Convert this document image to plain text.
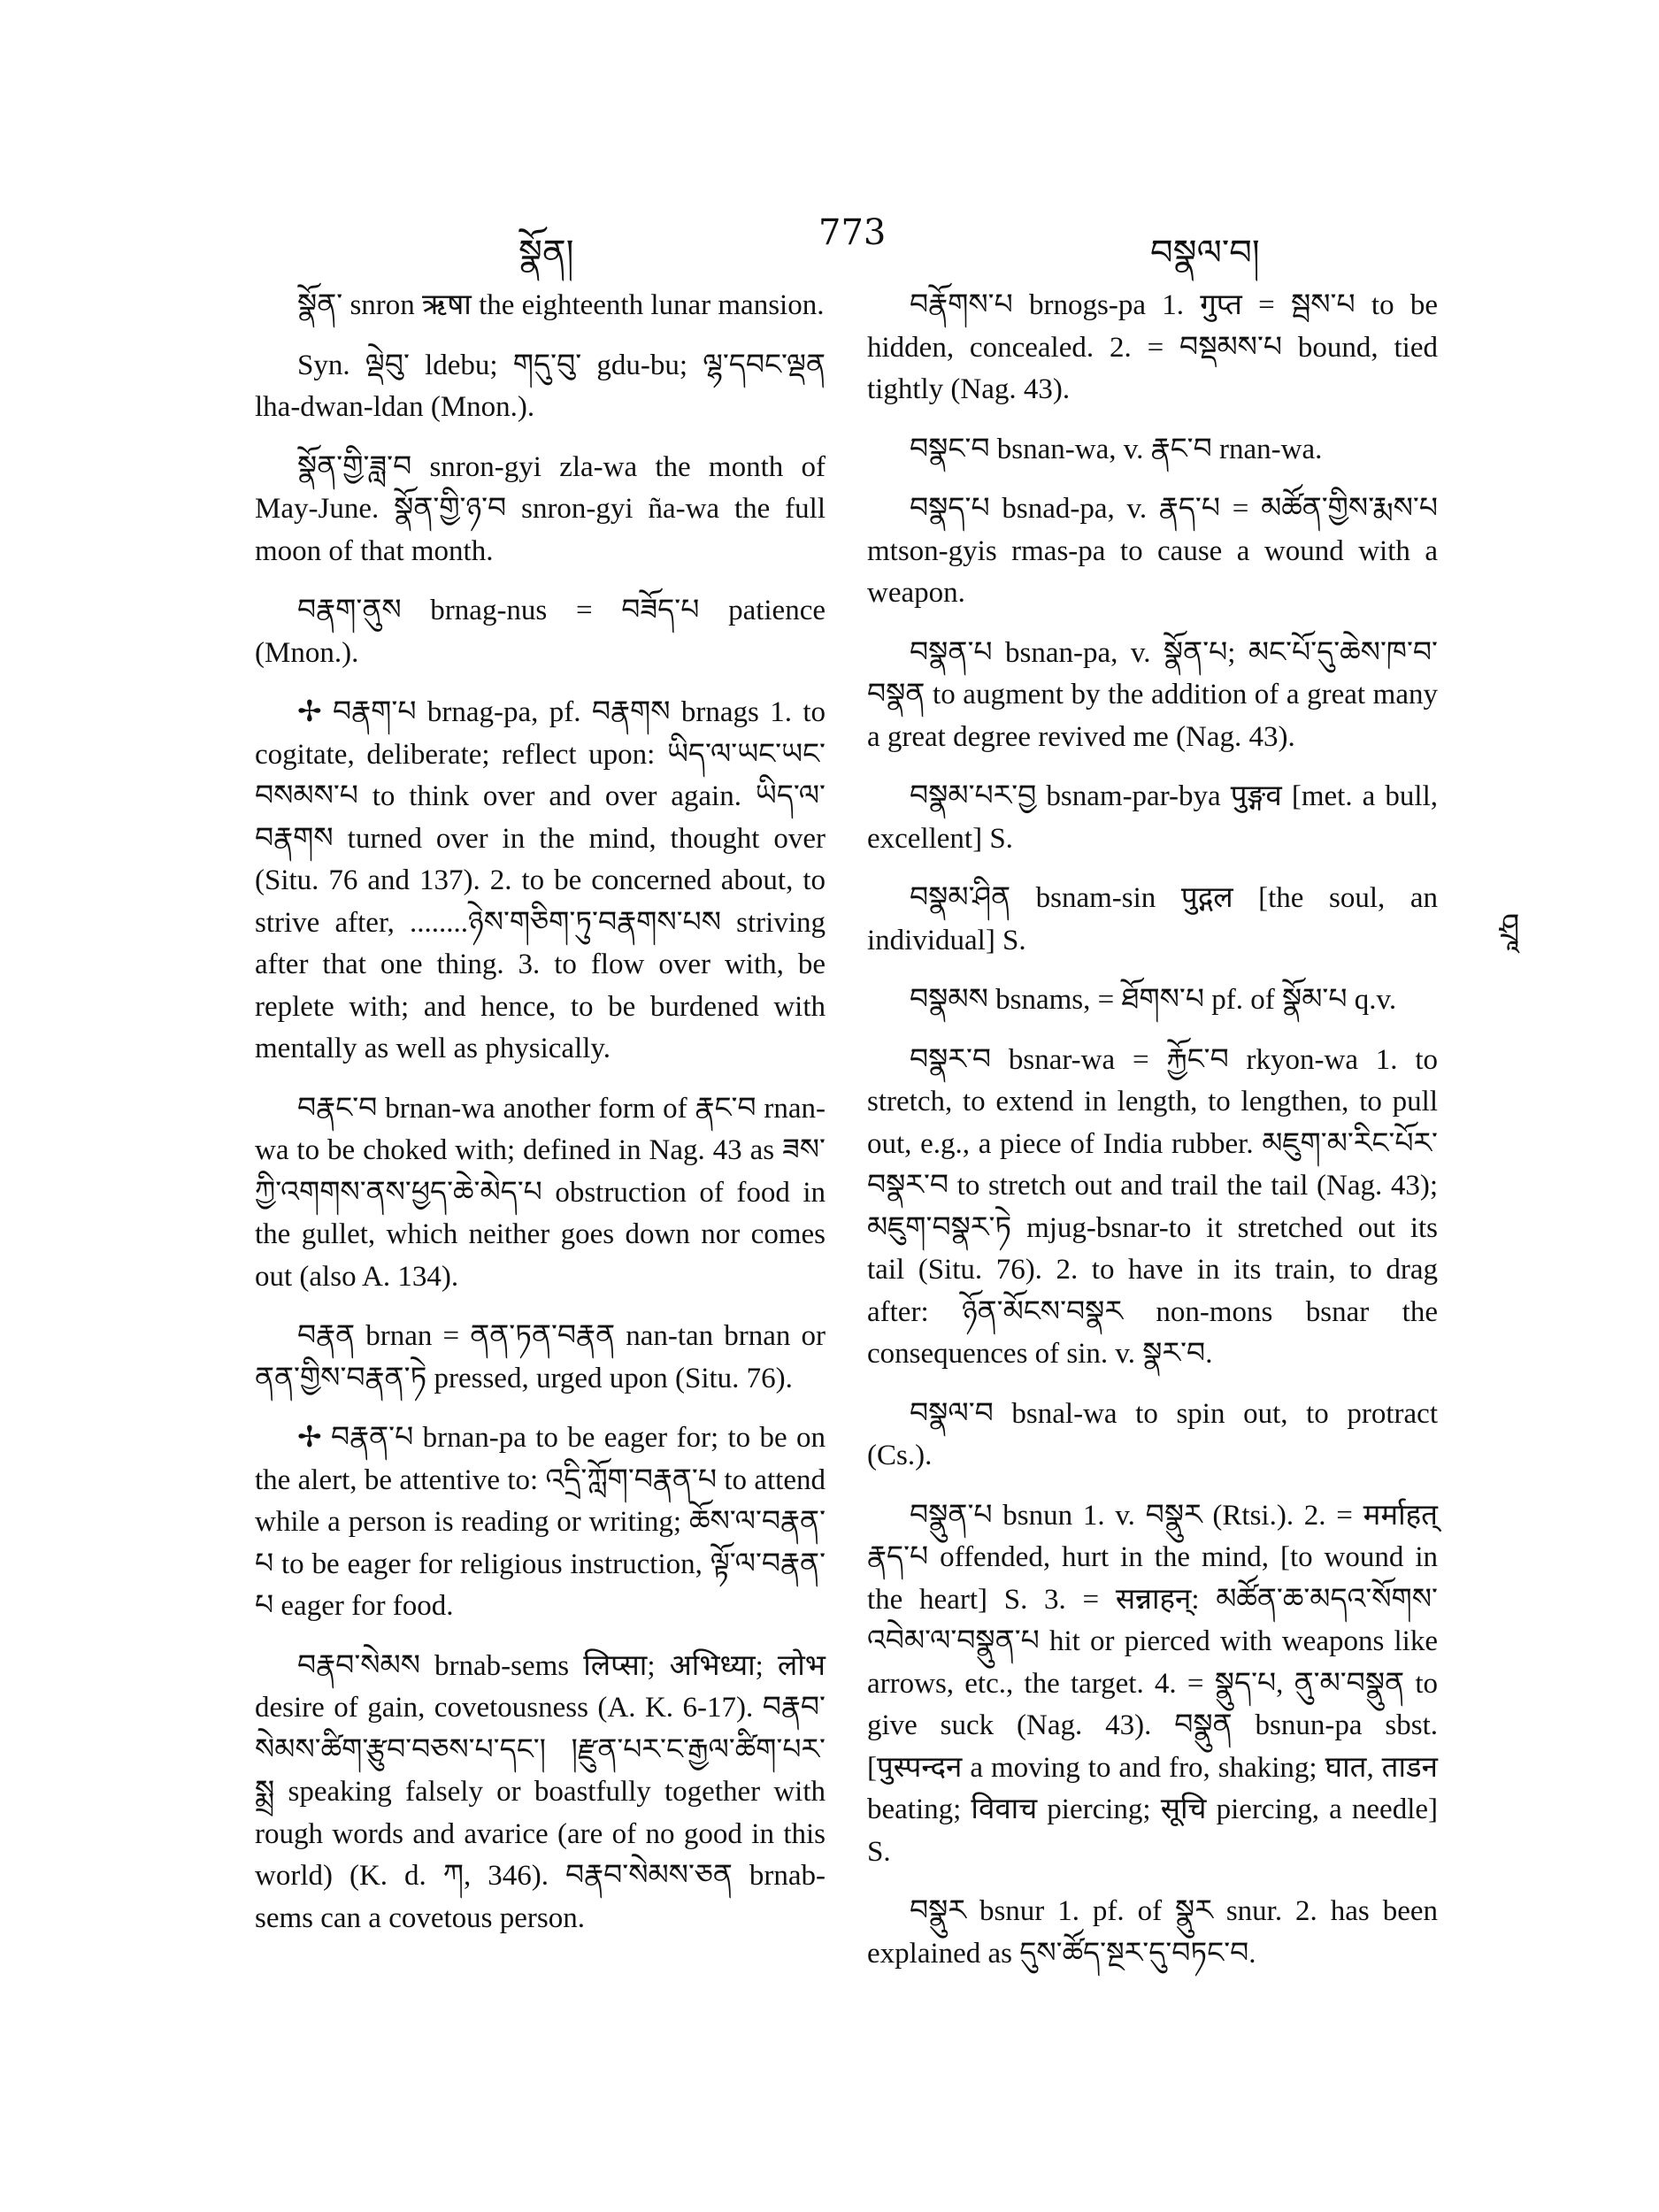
སྣོན།	773	བསྣལ་བ།
ཤྲཱ

སྣོན་ snron ऋषा the eighteenth lunar mansion.

Syn. ལྡེབུ་ ldebu; གདུ་བུ་ gdu-bu; ལྷ་དབང་ལྡན lha-dwan-ldan (Mnon.).

སྣོན་གྱི་ཟླ་བ snron-gyi zla-wa the month of May-June. སྣོན་གྱི་ཉ་བ snron-gyi ña-wa the full moon of that month.

བརྣག་ནུས brnag-nus = བཟོད་པ patience (Mnon.).

✢ བརྣག་པ brnag-pa, pf. བརྣགས brnags 1. to cogitate, deliberate; reflect upon: ཡིད་ལ་ཡང་ཡང་བསམས་པ to think over and over again. ཡིད་ལ་བརྣགས turned over in the mind, thought over (Situ. 76 and 137). 2. to be concerned about, to strive after, ........ཉེས་གཅིག་ཏུ་བརྣགས་པས striving after that one thing. 3. to flow over with, be replete with; and hence, to be burdened with mentally as well as physically.

བརྣང་བ brnan-wa another form of རྣང་བ rnan-wa to be choked with; defined in Nag. 43 as ཟས་ཀྱི་འགགས་ནས་ཕྱད་ཆེ་མེད་པ obstruction of food in the gullet, which neither goes down nor comes out (also A. 134).

བརྣན brnan = ནན་ཏན་བརྣན nan-tan brnan or ནན་གྱིས་བརྣན་ཏེ pressed, urged upon (Situ. 76).

✢ བརྣན་པ brnan-pa to be eager for; to be on the alert, be attentive to: འདྲི་ཀློག་བརྣན་པ to attend while a person is reading or writing; ཆོས་ལ་བརྣན་པ to be eager for religious instruction, ལྟོ་ལ་བརྣན་པ eager for food.

བརྣབ་སེམས brnab-sems लिप्सा; अभिध्या; लोभ desire of gain, covetousness (A. K. 6-17). བརྣབ་སེམས་ཚིག་རྩུབ་བཅས་པ་དང་། །རྫུན་པར་ང་རྒྱལ་ཚིག་པར་སྨྲ speaking falsely or boastfully together with rough words and avarice (are of no good in this world) (K. d. ཀ, 346). བརྣབ་སེམས་ཅན brnab-sems can a covetous person.

བརྣོགས་པ brnogs-pa 1. गुप्त = སྦས་པ to be hidden, concealed. 2. = བསྡམས་པ bound, tied tightly (Nag. 43).

བསྣང་བ bsnan-wa, v. རྣང་བ rnan-wa.

བསྣད་པ bsnad-pa, v. རྣད་པ = མཚོན་གྱིས་རྨས་པ mtson-gyis rmas-pa to cause a wound with a weapon.

བསྣན་པ bsnan-pa, v. སྣོན་པ; མང་པོ་དུ་ཆེས་ཁ་བ་བསྣན to augment by the addition of a great many a great degree revived me (Nag. 43).

བསྣམ་པར་བྱ bsnam-par-bya पुङ्गव [met. a bull, excellent] S.

བསྣམ་ཤིན bsnam-sin पुद्गल [the soul, an individual] S.

བསྣམས bsnams, = ཐོགས་པ pf. of སྣོམ་པ q.v.

བསྣར་བ bsnar-wa = རྐྱོང་བ rkyon-wa 1. to stretch, to extend in length, to lengthen, to pull out, e.g., a piece of India rubber. མཇུག་མ་རིང་པོར་བསྣར་བ to stretch out and trail the tail (Nag. 43); མཇུག་བསྣར་ཏེ mjug-bsnar-to it stretched out its tail (Situ. 76). 2. to have in its train, to drag after: ཉོན་མོངས་བསྣར non-mons bsnar the consequences of sin. v. སྣར་བ.

བསྣལ་བ bsnal-wa to spin out, to protract (Cs.).

བསྣུན་པ bsnun 1. v. བསྣུར (Rtsi.). 2. = मर्माहत् རྣད་པ offended, hurt in the mind, [to wound in the heart] S. 3. = सन्नाहन्: མཚོན་ཆ་མདའ་སོགས་འབེམ་ལ་བསྣུན་པ hit or pierced with weapons like arrows, etc., the target. 4. = སྣུད་པ, ནུ་མ་བསྣུན to give suck (Nag. 43). བསྣུན bsnun-pa sbst. [पुस्पन्दन a moving to and fro, shaking; घात, ताडन beating; विवाच piercing; सूचि piercing, a needle] S.

བསྣུར bsnur 1. pf. of སྣུར snur. 2. has been explained as དུས་ཚོད་སྔར་དུ་བཏང་བ.
